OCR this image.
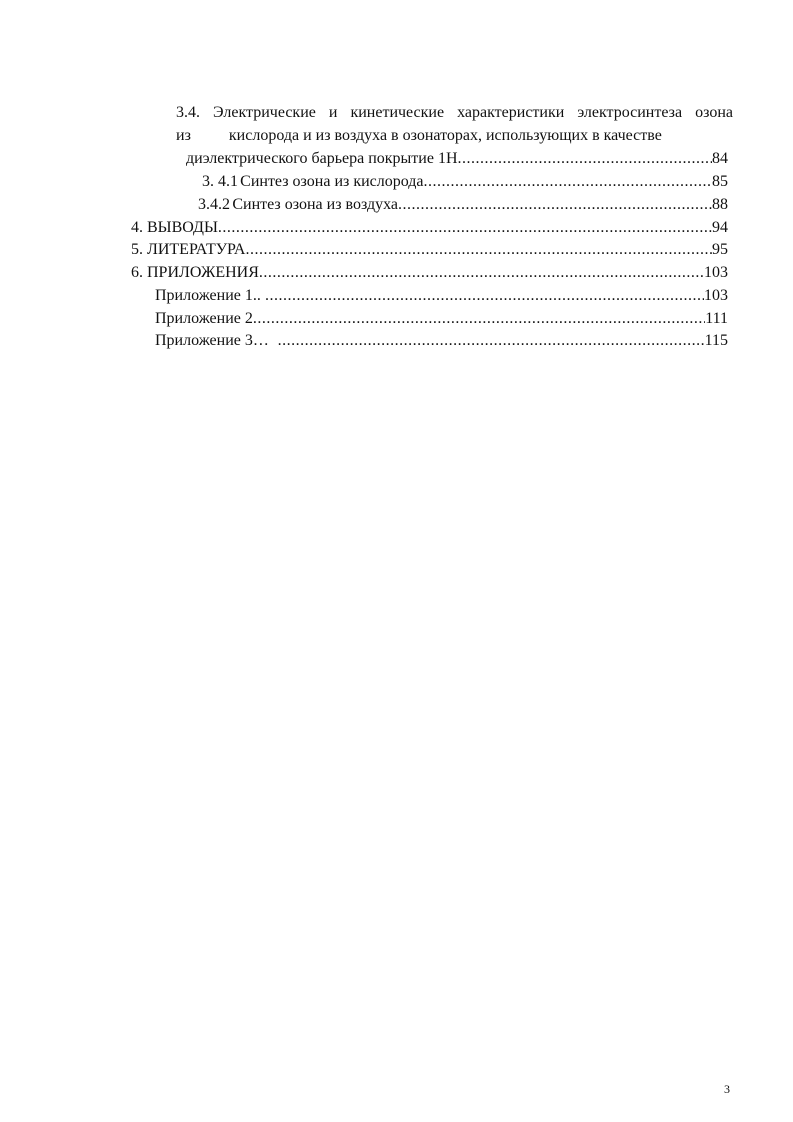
3.4. Электрические и кинетические характеристики электросинтеза озона
из кислорода и из воздуха в озонаторах, использующих в качестве
диэлектрического барьера покрытие 1Н .....	84
3. 4.1 Синтез озона из кислорода .....	85
3.4.2 Синтез озона из воздуха .....	88
4. ВЫВОДЫ .....	94
5. ЛИТЕРАТУРА .....	95
6. ПРИЛОЖЕНИЯ .....	103
Приложение 1.. .....	103
Приложение 2 .....	111
Приложение 3… .....	115
3
